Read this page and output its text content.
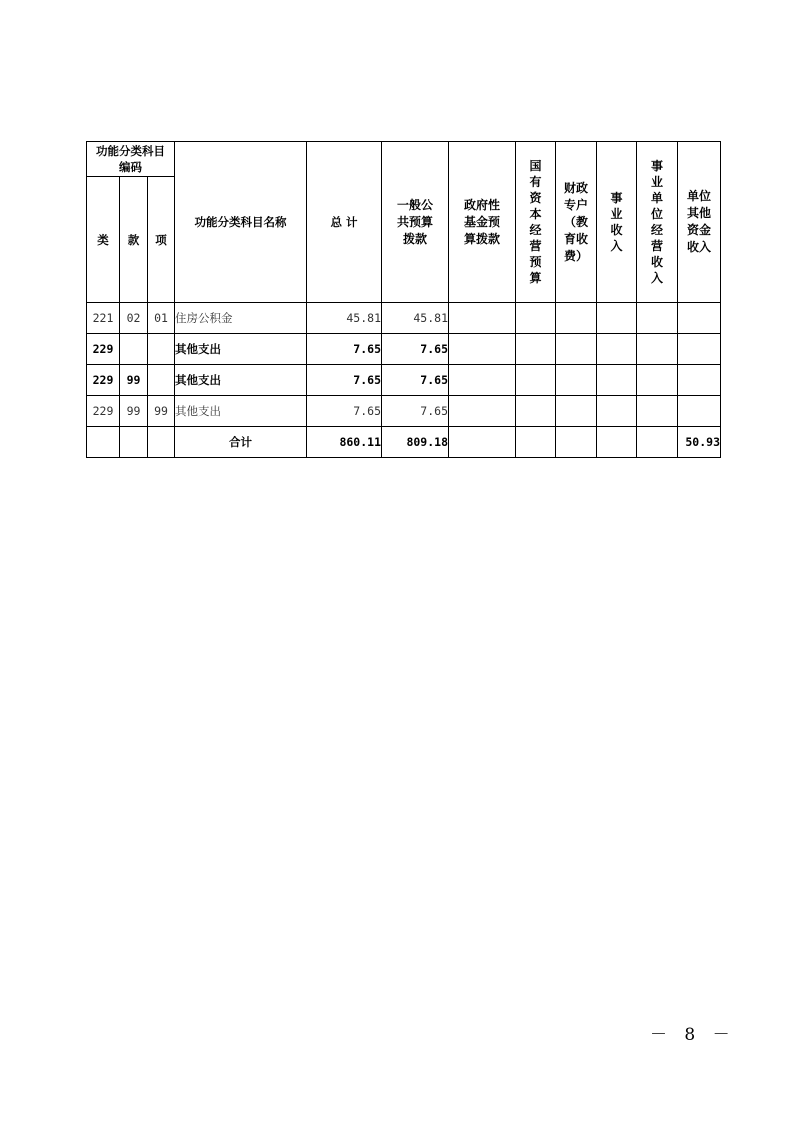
功能分类科目编码			功能分类科目名称	总 计	一般公共预算拨款	政府性基金预算拨款	国有资本经营预算	财政专户（教育收费）	事业收入	事业单位经营收入	单位其他资金收入
类	款	项									
221	02	01	住房公积金	45.81	45.81						
229			其他支出	7.65	7.65						
229	99		其他支出	7.65	7.65						
229	99	99	其他支出	7.65	7.65						
			合计	860.11	809.18						50.93
－ 8 －
